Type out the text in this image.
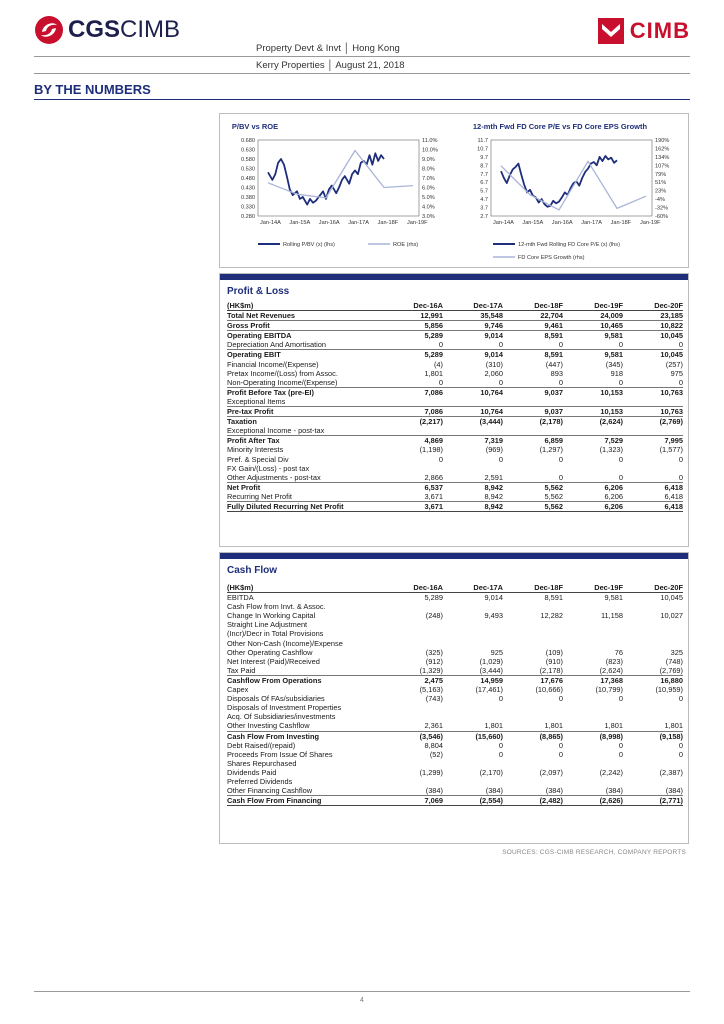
CGSCIMB	CIMB
Property Devt & Invt │ Hong Kong
Kerry Properties │ August 21, 2018
BY THE NUMBERS
P/BV vs ROE
0.680
0.630
0.580
0.530
0.480
0.430
0.380
0.330
0.280
11.0%
10.0%
9.0%
8.0%
7.0%
6.0%
5.0%
4.0%
3.0%
Jan-14A Jan-15A Jan-16A Jan-17A Jan-18F Jan-19F
Rolling P/BV (x) (lhs)	ROE (rhs)
12-mth Fwd FD Core P/E vs FD Core EPS Growth
11.7
10.7
9.7
8.7
7.7
6.7
5.7
4.7
3.7
2.7
190%
162%
134%
107%
79%
51%
23%
-4%
-32%
-60%
Jan-14A Jan-15A Jan-16A Jan-17A Jan-18F Jan-19F
12-mth Fwd Rolling FD Core P/E (x) (lhs)
FD Core EPS Growth (rhs)
Profit & Loss
(HK$m)	Dec-16A	Dec-17A	Dec-18F	Dec-19F	Dec-20F
Total Net Revenues	12,991	35,548	22,704	24,009	23,185
Gross Profit	5,856	9,746	9,461	10,465	10,822
Operating EBITDA	5,289	9,014	8,591	9,581	10,045
Depreciation And Amortisation	0	0	0	0	0
Operating EBIT	5,289	9,014	8,591	9,581	10,045
Financial Income/(Expense)	(4)	(310)	(447)	(345)	(257)
Pretax Income/(Loss) from Assoc.	1,801	2,060	893	918	975
Non-Operating Income/(Expense)	0	0	0	0	0
Profit Before Tax (pre-EI)	7,086	10,764	9,037	10,153	10,763
Exceptional Items					
Pre-tax Profit	7,086	10,764	9,037	10,153	10,763
Taxation	(2,217)	(3,444)	(2,178)	(2,624)	(2,769)
Exceptional Income - post-tax					
Profit After Tax	4,869	7,319	6,859	7,529	7,995
Minority Interests	(1,198)	(969)	(1,297)	(1,323)	(1,577)
Pref. & Special Div	0	0	0	0	0
FX Gain/(Loss) - post tax					
Other Adjustments - post-tax	2,866	2,591	0	0	0
Net Profit	6,537	8,942	5,562	6,206	6,418
Recurring Net Profit	3,671	8,942	5,562	6,206	6,418
Fully Diluted Recurring Net Profit	3,671	8,942	5,562	6,206	6,418
Cash Flow
(HK$m)	Dec-16A	Dec-17A	Dec-18F	Dec-19F	Dec-20F
EBITDA	5,289	9,014	8,591	9,581	10,045
Cash Flow from Invt. & Assoc.					
Change In Working Capital	(248)	9,493	12,282	11,158	10,027
Straight Line Adjustment					
(Incr)/Decr in Total Provisions					
Other Non-Cash (Income)/Expense					
Other Operating Cashflow	(325)	925	(109)	76	325
Net Interest (Paid)/Received	(912)	(1,029)	(910)	(823)	(748)
Tax Paid	(1,329)	(3,444)	(2,178)	(2,624)	(2,769)
Cashflow From Operations	2,475	14,959	17,676	17,368	16,880
Capex	(5,163)	(17,461)	(10,666)	(10,799)	(10,959)
Disposals Of FAs/subsidiaries	(743)	0	0	0	0
Disposals of Investment Properties					
Acq. Of Subsidiaries/investments					
Other Investing Cashflow	2,361	1,801	1,801	1,801	1,801
Cash Flow From Investing	(3,546)	(15,660)	(8,865)	(8,998)	(9,158)
Debt Raised/(repaid)	8,804	0	0	0	0
Proceeds From Issue Of Shares	(52)	0	0	0	0
Shares Repurchased					
Dividends Paid	(1,299)	(2,170)	(2,097)	(2,242)	(2,387)
Preferred Dividends					
Other Financing Cashflow	(384)	(384)	(384)	(384)	(384)
Cash Flow From Financing	7,069	(2,554)	(2,482)	(2,626)	(2,771)
SOURCES: CGS-CIMB RESEARCH, COMPANY REPORTS
4
